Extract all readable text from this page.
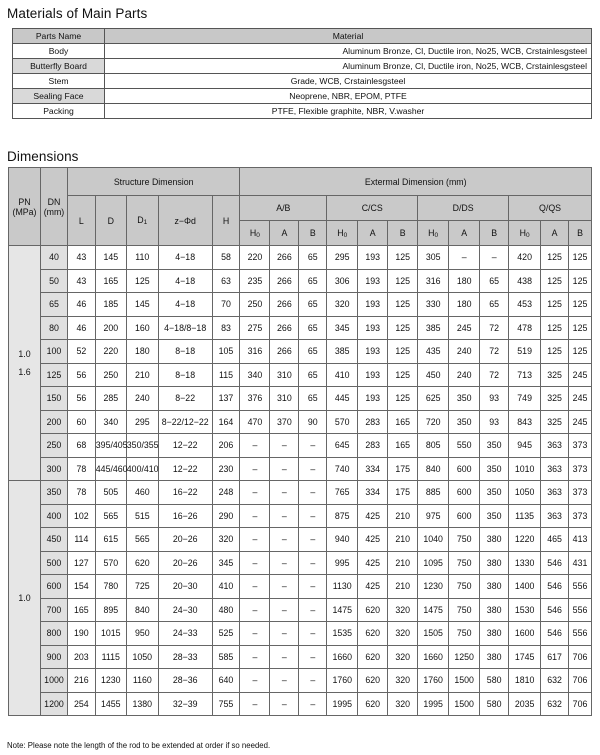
Materials of Main Parts
Parts Name	Material
Body	Aluminum Bronze, Cl, Ductile iron, No25, WCB, Crstainlesgsteel
Butterfly Board	Aluminum Bronze, Cl, Ductile iron, No25, WCB, Crstainlesgsteel
Stem	Grade, WCB, Crstainlesgsteel
Sealing Face	Neoprene, NBR, EPOM, PTFE
Packing	PTFE, Flexible graphite, NBR, V.washer
Dimensions
PN (MPa)	DN (mm)	Structure Dimension					Extermal Dimension (mm)											
		L	D	D1	z−Φd	H	A/B			C/CS			D/DS			Q/QS		
							H0	A	B	H0	A	B	H0	A	B	H0	A	B

1.0
1.6	40	43	145	110	4−18	58	220	266	65	295	193	125	305	–	–	420	125	125
	50	43	165	125	4−18	63	235	266	65	306	193	125	316	180	65	438	125	125
	65	46	185	145	4−18	70	250	266	65	320	193	125	330	180	65	453	125	125
	80	46	200	160	4−18/8−18	83	275	266	65	345	193	125	385	245	72	478	125	125
	100	52	220	180	8−18	105	316	266	65	385	193	125	435	240	72	519	125	125
	125	56	250	210	8−18	115	340	310	65	410	193	125	450	240	72	713	325	245
	150	56	285	240	8−22	137	376	310	65	445	193	125	625	350	93	749	325	245
	200	60	340	295	8−22/12−22	164	470	370	90	570	283	165	720	350	93	843	325	245
	250	68	395/405	350/355	12−22	206	–	–	–	645	283	165	805	550	350	945	363	373
	300	78	445/460	400/410	12−22	230	–	–	–	740	334	175	840	600	350	1010	363	373

1.0	350	78	505	460	16−22	248	–	–	–	765	334	175	885	600	350	1050	363	373
	400	102	565	515	16−26	290	–	–	–	875	425	210	975	600	350	1135	363	373
	450	114	615	565	20−26	320	–	–	–	940	425	210	1040	750	380	1220	465	413
	500	127	570	620	20−26	345	–	–	–	995	425	210	1095	750	380	1330	546	431
	600	154	780	725	20−30	410	–	–	–	1130	425	210	1230	750	380	1400	546	556
	700	165	895	840	24−30	480	–	–	–	1475	620	320	1475	750	380	1530	546	556
	800	190	1015	950	24−33	525	–	–	–	1535	620	320	1505	750	380	1600	546	556
	900	203	1115	1050	28−33	585	–	–	–	1660	620	320	1660	1250	380	1745	617	706
	1000	216	1230	1160	28−36	640	–	–	–	1760	620	320	1760	1500	580	1810	632	706
	1200	254	1455	1380	32−39	755	–	–	–	1995	620	320	1995	1500	580	2035	632	706
Note: Please note the length of the rod to be extended at order if so needed.
